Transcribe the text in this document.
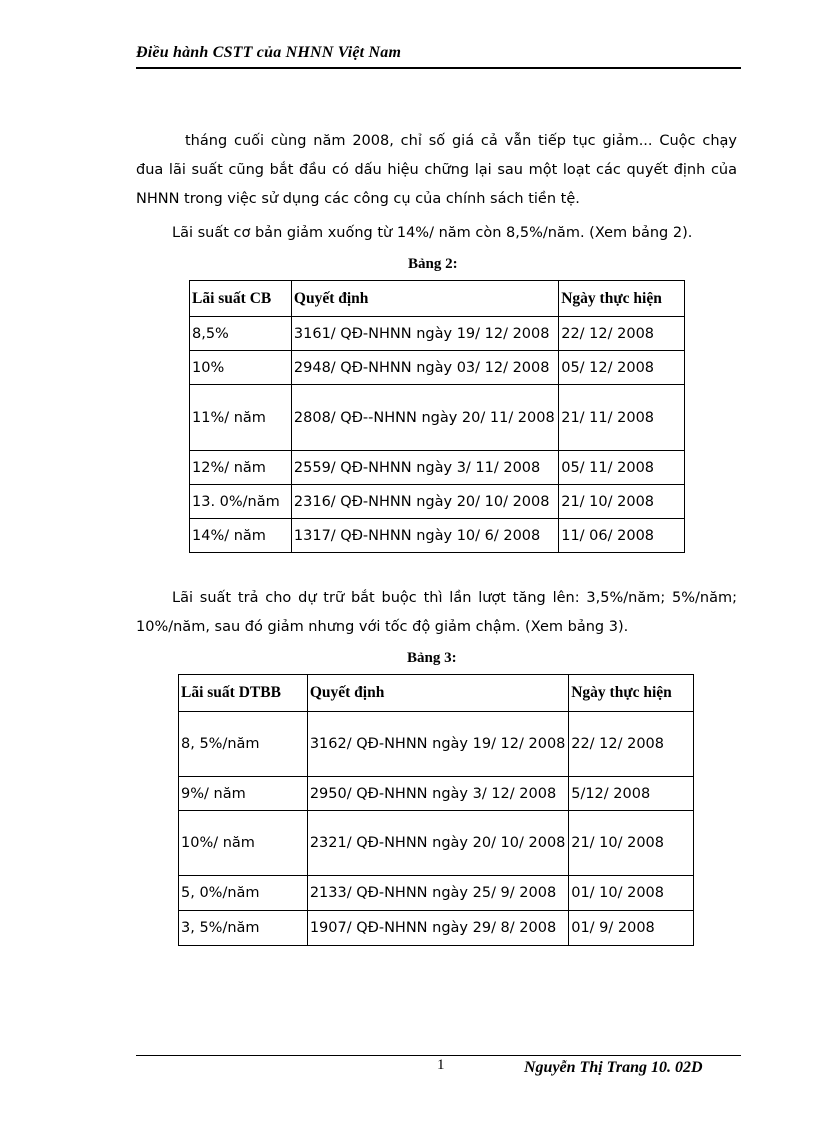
Điều hành CSTT của NHNN Việt Nam

tháng cuối cùng năm 2008, chỉ số giá cả vẫn tiếp tục giảm... Cuộc chạy đua lãi suất cũng bắt đầu có dấu hiệu chững lại sau một loạt các quyết định của NHNN trong việc sử dụng các công cụ của chính sách tiền tệ.

Lãi suất cơ bản giảm xuống từ 14%/ năm còn 8,5%/năm. (Xem bảng 2).

Bảng 2:
Lãi suất CB	Quyết định	Ngày thực hiện
8,5%	3161/ QĐ-NHNN ngày 19/ 12/ 2008	22/ 12/ 2008
10%	2948/ QĐ-NHNN ngày 03/ 12/ 2008	05/ 12/ 2008
11%/ năm	2808/ QĐ--NHNN ngày 20/ 11/ 2008	21/ 11/ 2008
12%/ năm	2559/ QĐ-NHNN ngày 3/ 11/ 2008	05/ 11/ 2008
13. 0%/năm	2316/ QĐ-NHNN ngày 20/ 10/ 2008	21/ 10/ 2008
14%/ năm	1317/ QĐ-NHNN ngày 10/ 6/ 2008	11/ 06/ 2008

Lãi suất trả cho dự trữ bắt buộc thì lần lượt tăng lên: 3,5%/năm; 5%/năm; 10%/năm, sau đó giảm nhưng với tốc độ giảm chậm. (Xem bảng 3).

Bảng 3:
Lãi suất DTBB	Quyết định	Ngày thực hiện
8, 5%/năm	3162/ QĐ-NHNN ngày 19/ 12/ 2008	22/ 12/ 2008
9%/ năm	2950/ QĐ-NHNN ngày 3/ 12/ 2008	5/12/ 2008
10%/ năm	2321/ QĐ-NHNN ngày 20/ 10/ 2008	21/ 10/ 2008
5, 0%/năm	2133/ QĐ-NHNN ngày 25/ 9/ 2008	01/ 10/ 2008
3, 5%/năm	1907/ QĐ-NHNN ngày 29/ 8/ 2008	01/ 9/ 2008
1	Nguyễn Thị Trang 10. 02D
